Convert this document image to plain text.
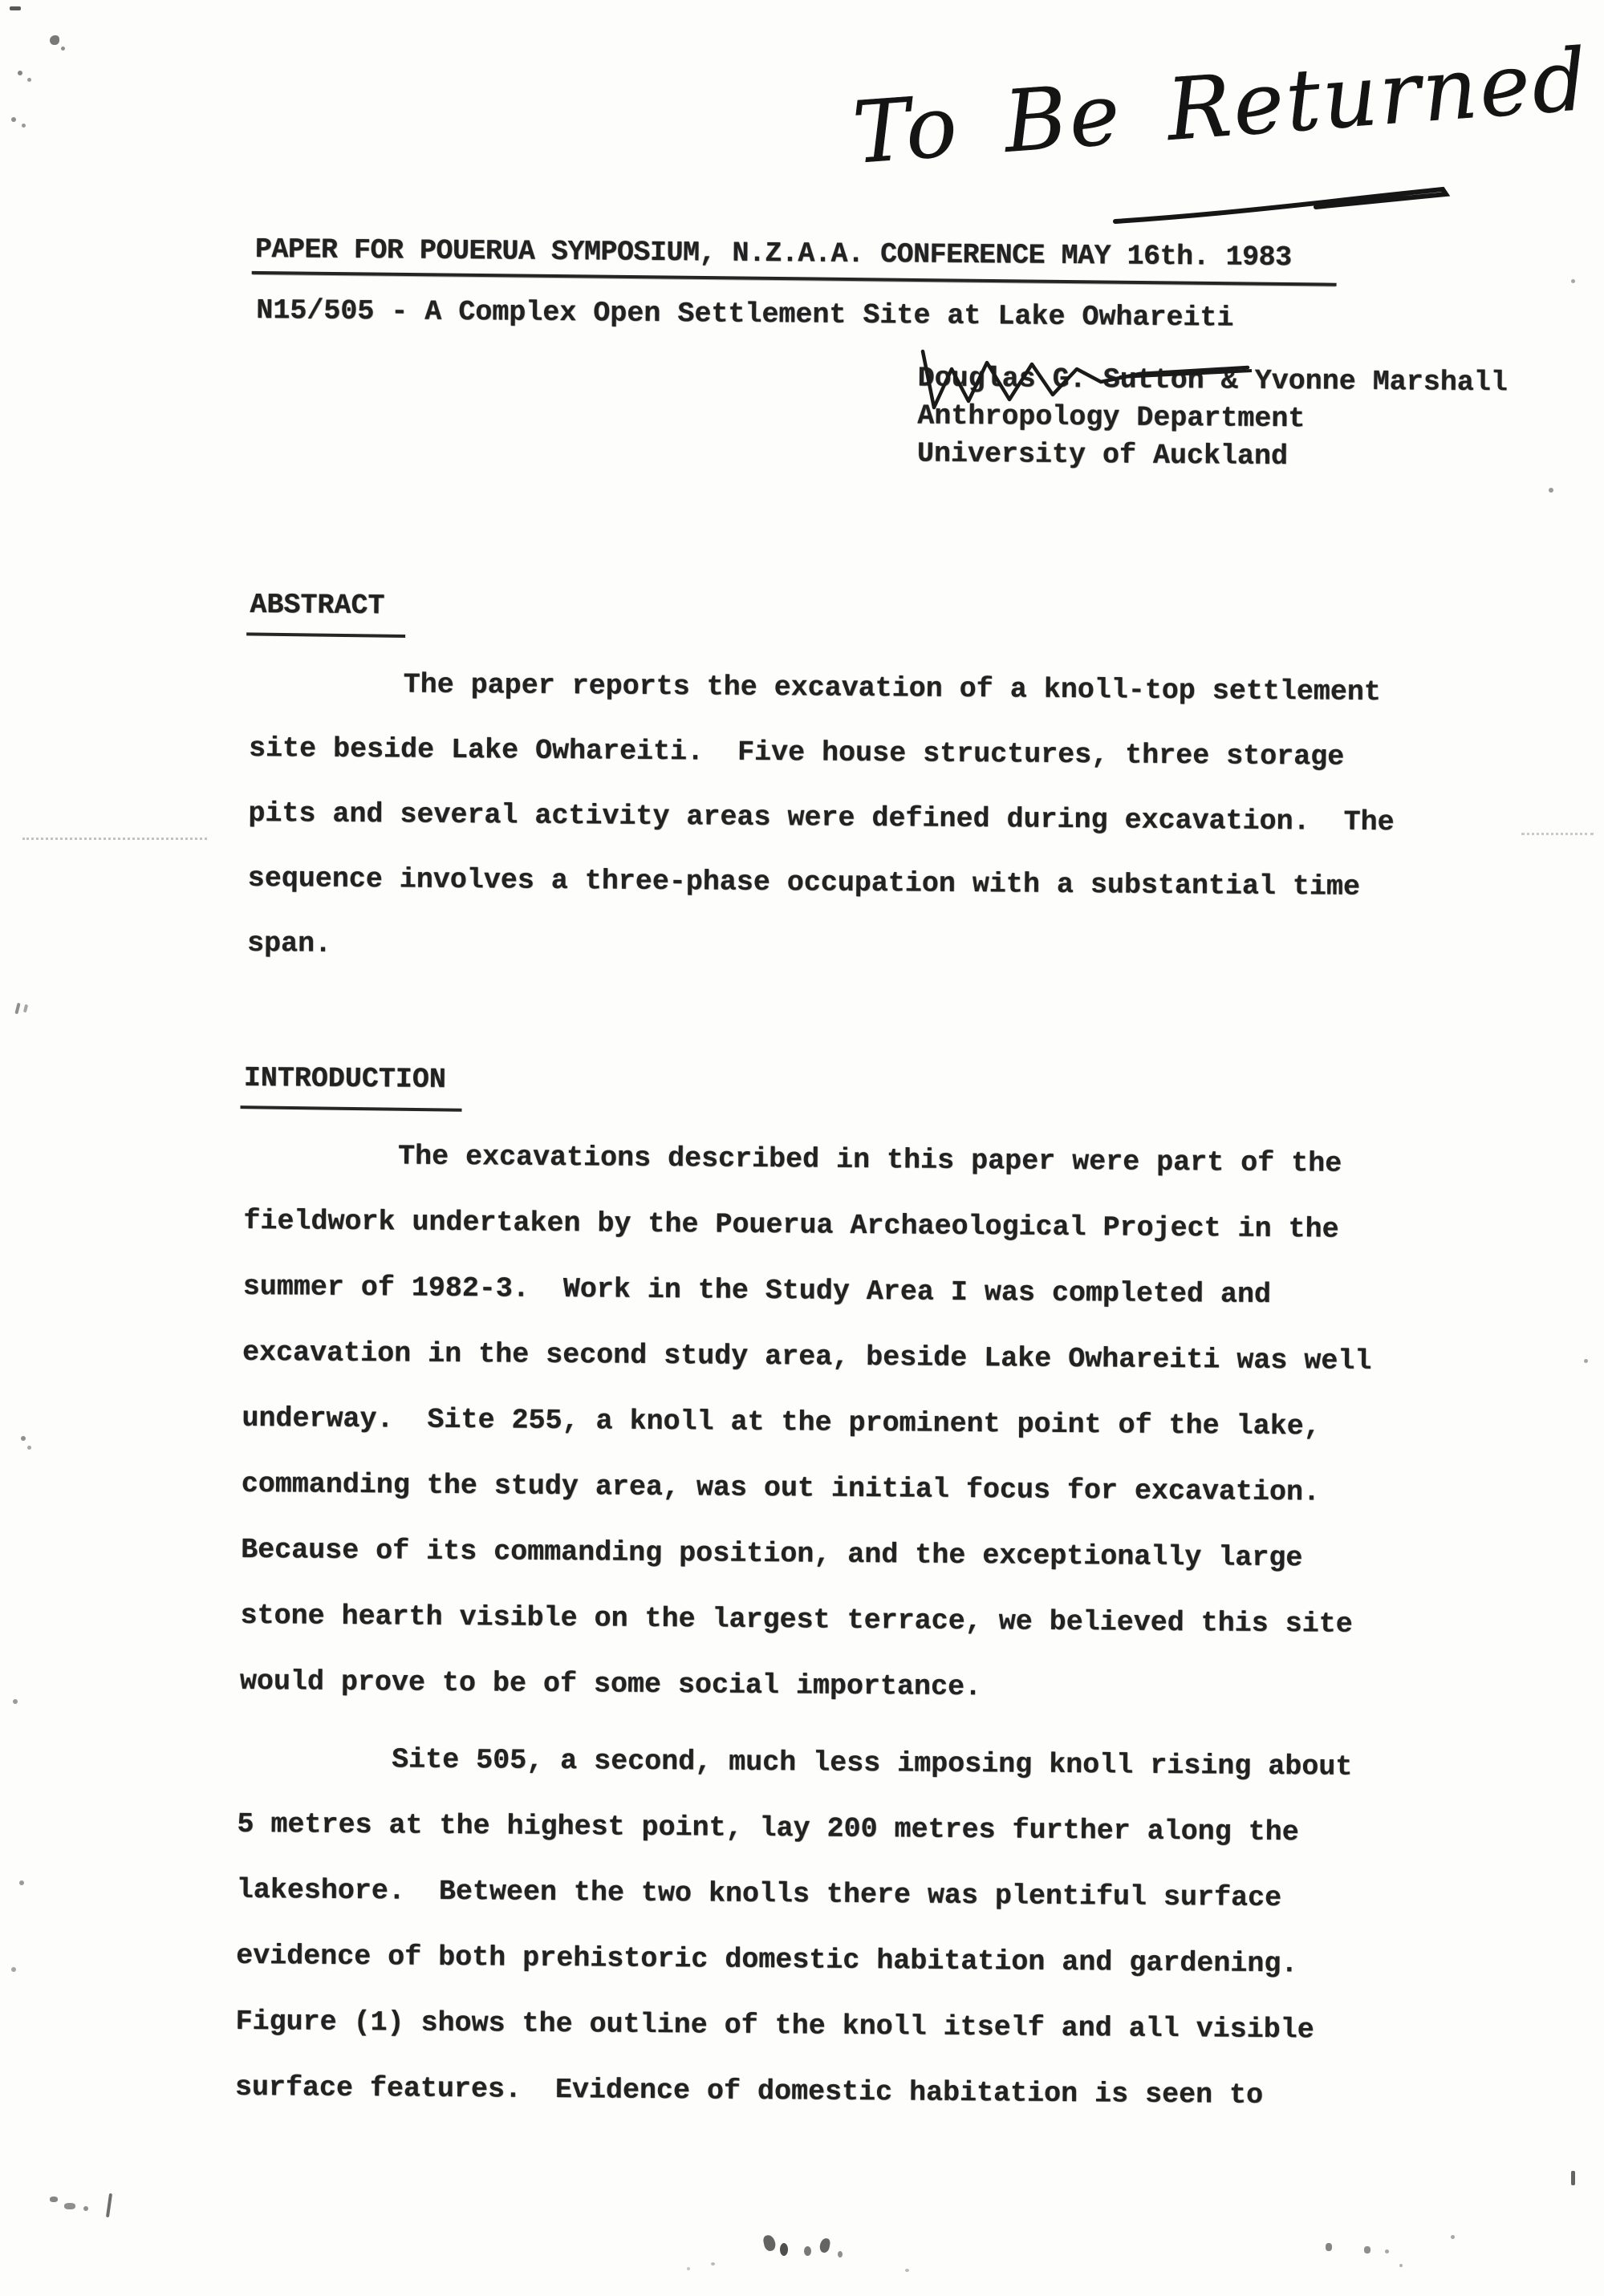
To Be Returned
PAPER FOR POUERUA SYMPOSIUM, N.Z.A.A. CONFERENCE MAY 16th. 1983
N15/505 - A Complex Open Settlement Site at Lake Owhareiti
Douglas G. Sutton & Yvonne Marshall
Anthropology Department
University of Auckland
ABSTRACT
The paper reports the excavation of a knoll-top settlement
site beside Lake Owhareiti.  Five house structures, three storage
pits and several activity areas were defined during excavation.  The
sequence involves a three-phase occupation with a substantial time
span.
INTRODUCTION
The excavations described in this paper were part of the
fieldwork undertaken by the Pouerua Archaeological Project in the
summer of 1982-3.  Work in the Study Area I was completed and
excavation in the second study area, beside Lake Owhareiti was well
underway.  Site 255, a knoll at the prominent point of the lake,
commanding the study area, was out initial focus for excavation.
Because of its commanding position, and the exceptionally large
stone hearth visible on the largest terrace, we believed this site
would prove to be of some social importance.
Site 505, a second, much less imposing knoll rising about
5 metres at the highest point, lay 200 metres further along the
lakeshore.  Between the two knolls there was plentiful surface
evidence of both prehistoric domestic habitation and gardening.
Figure (1) shows the outline of the knoll itself and all visible
surface features.  Evidence of domestic habitation is seen to
